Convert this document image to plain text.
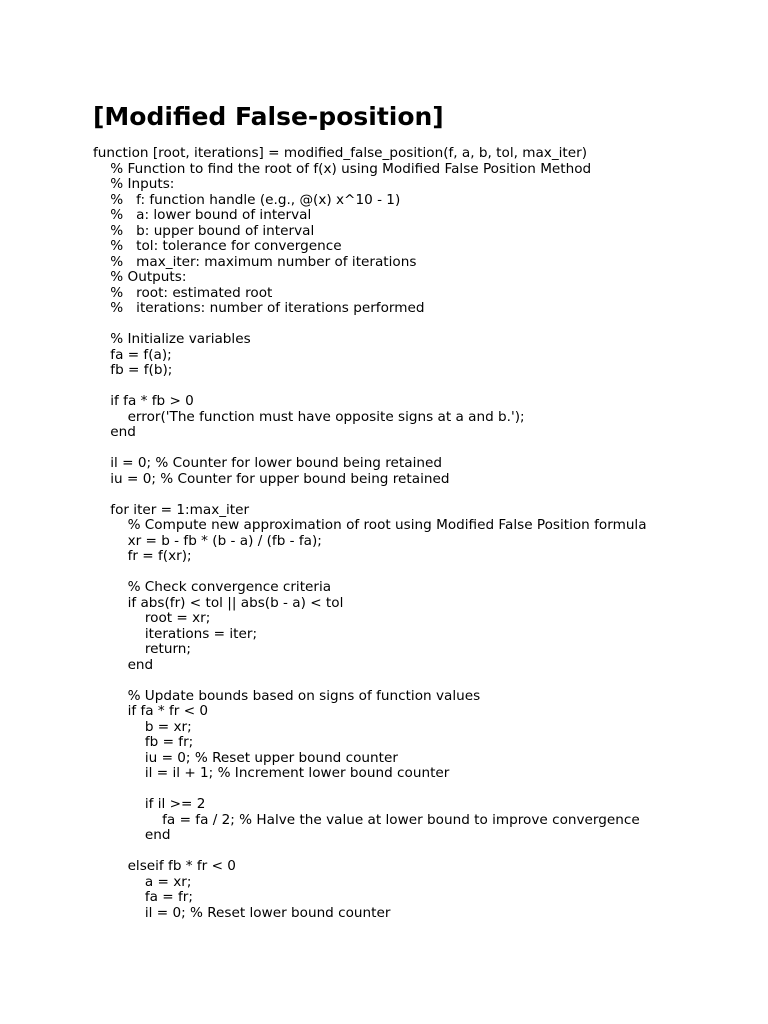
[Modified False-position]
function [root, iterations] = modified_false_position(f, a, b, tol, max_iter)
% Function to find the root of f(x) using Modified False Position Method
% Inputs:
%   f: function handle (e.g., @(x) x^10 - 1)
%   a: lower bound of interval
%   b: upper bound of interval
%   tol: tolerance for convergence
%   max_iter: maximum number of iterations
% Outputs:
%   root: estimated root
%   iterations: number of iterations performed
% Initialize variables
fa = f(a);
fb = f(b);
if fa * fb > 0
error('The function must have opposite signs at a and b.');
end
il = 0; % Counter for lower bound being retained
iu = 0; % Counter for upper bound being retained
for iter = 1:max_iter
% Compute new approximation of root using Modified False Position formula
xr = b - fb * (b - a) / (fb - fa);
fr = f(xr);
% Check convergence criteria
if abs(fr) < tol || abs(b - a) < tol
root = xr;
iterations = iter;
return;
end
% Update bounds based on signs of function values
if fa * fr < 0
b = xr;
fb = fr;
iu = 0; % Reset upper bound counter
il = il + 1; % Increment lower bound counter
if il >= 2
fa = fa / 2; % Halve the value at lower bound to improve convergence
end
elseif fb * fr < 0
a = xr;
fa = fr;
il = 0; % Reset lower bound counter
